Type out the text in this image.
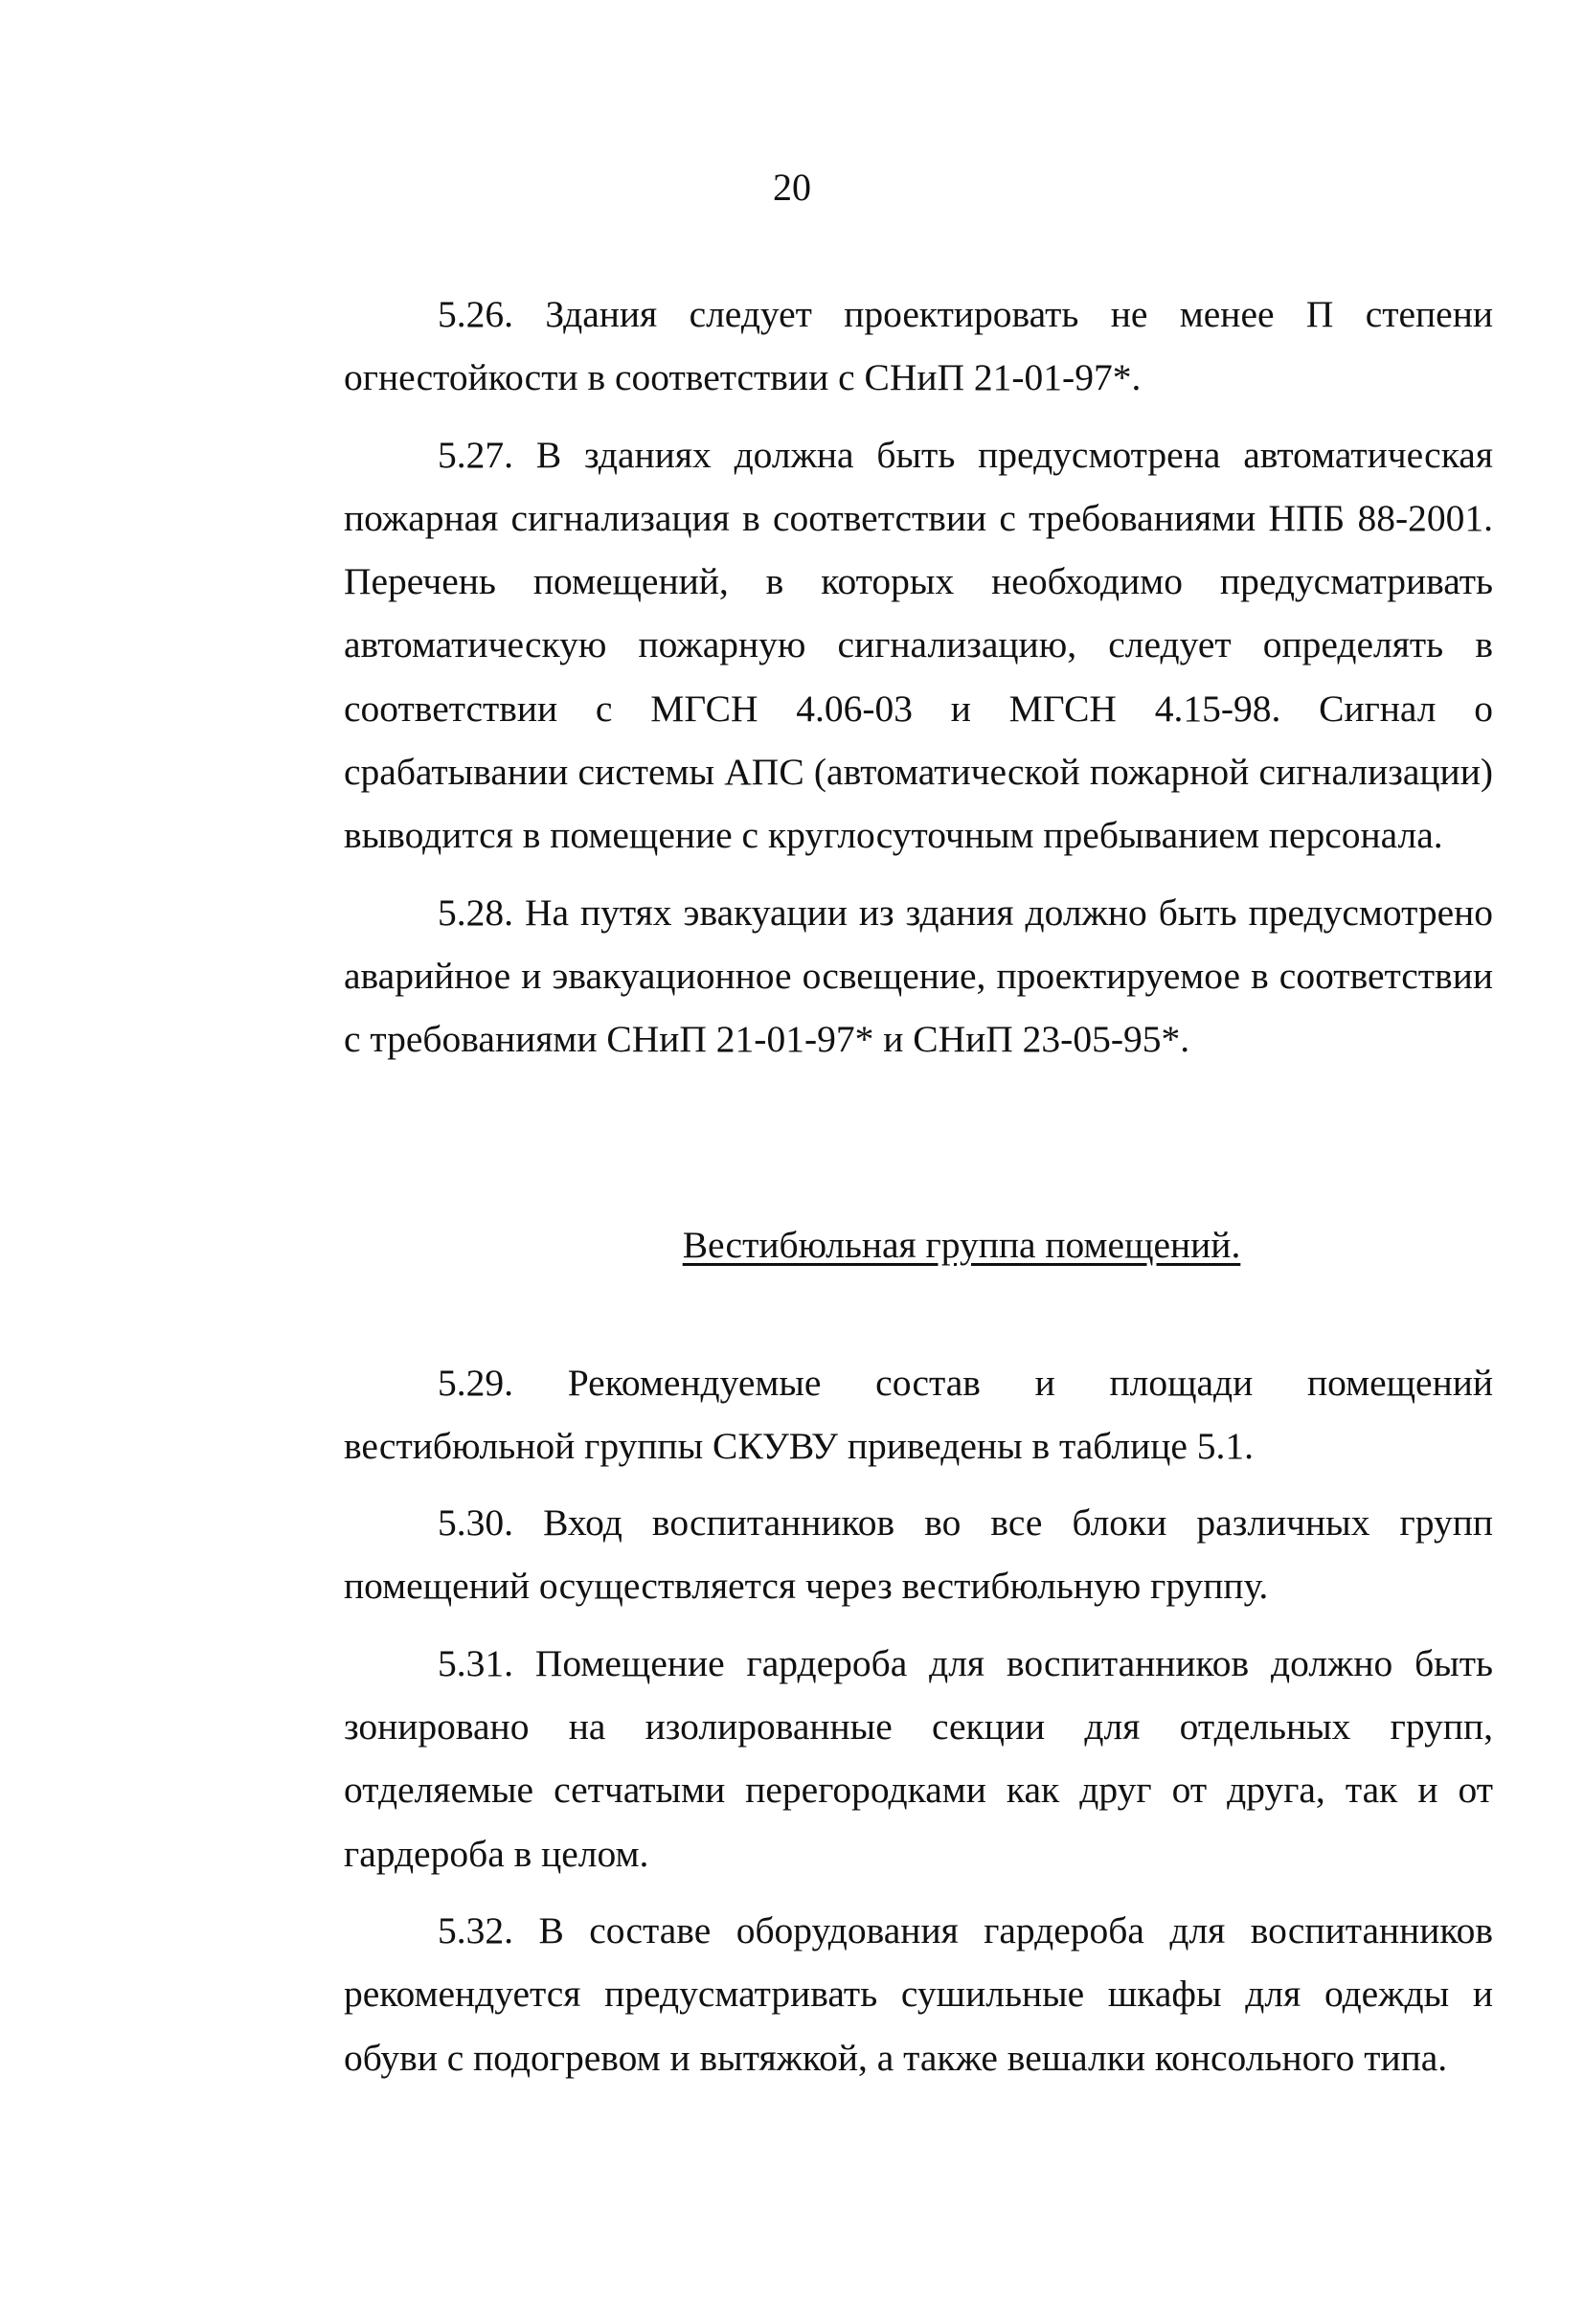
20

5.26. Здания следует проектировать не менее П степени огнестойкости в соответствии с СНиП 21-01-97*.

5.27. В зданиях должна быть предусмотрена автоматическая пожарная сигнализация в соответствии с требованиями НПБ 88-2001. Перечень помещений, в которых необходимо предусматривать автоматическую пожарную сигнализацию, следует определять в соответствии с МГСН 4.06-03 и МГСН 4.15-98. Сигнал о срабатывании системы АПС (автоматической пожарной сигнализации) выводится в помещение с круглосуточным пребыванием персонала.

5.28. На путях эвакуации из здания должно быть предусмотрено аварийное и эвакуационное освещение, проектируемое в соответствии с требованиями СНиП 21-01-97* и СНиП 23-05-95*.

Вестибюльная группа помещений.

5.29. Рекомендуемые состав и площади помещений вестибюльной группы СКУВУ приведены в таблице 5.1.

5.30. Вход воспитанников во все блоки различных групп помещений осуществляется через вестибюльную группу.

5.31. Помещение гардероба для воспитанников должно быть зонировано на изолированные секции для отдельных групп, отделяемые сетчатыми перегородками как друг от друга, так и от гардероба в целом.

5.32. В составе оборудования гардероба для воспитанников рекомендуется предусматривать сушильные шкафы для одежды и обуви с подогревом и вытяжкой, а также вешалки консольного типа.
